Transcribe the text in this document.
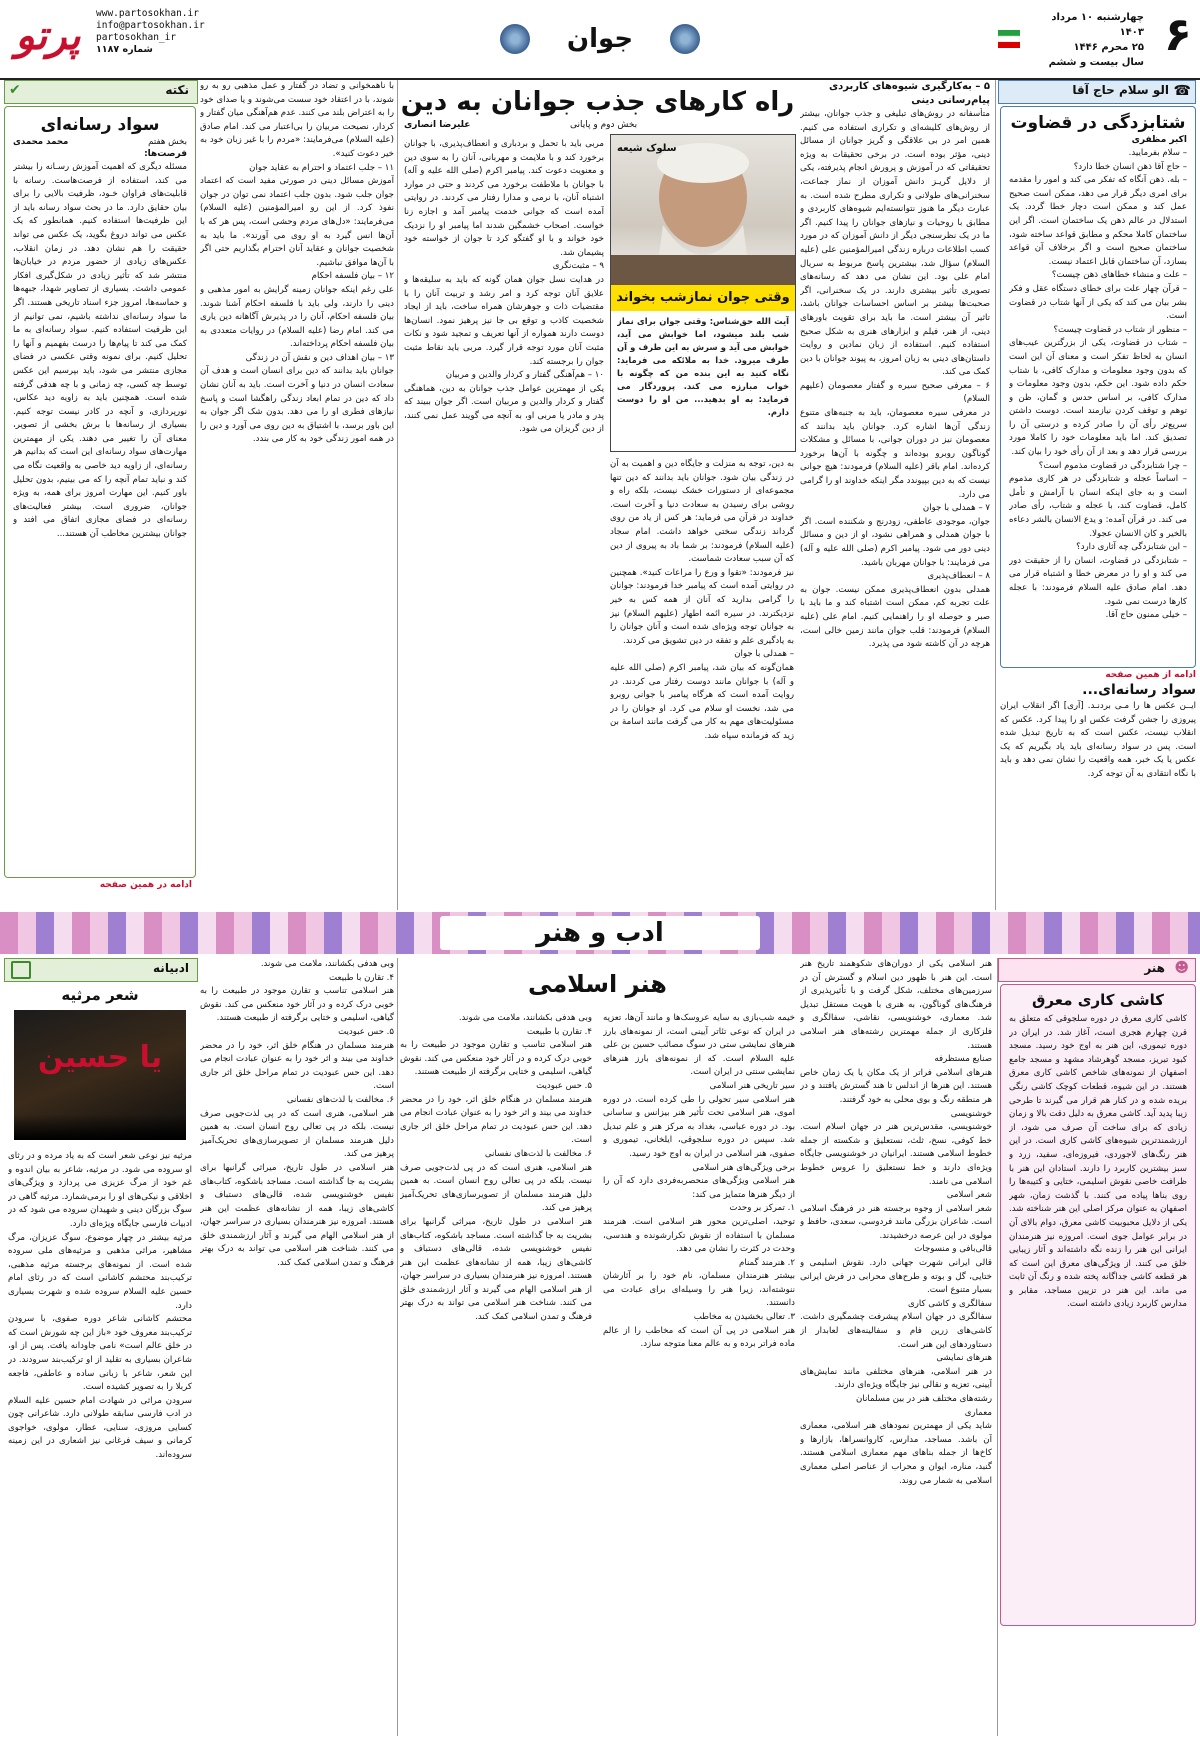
۶
چهارشنبه ۱۰ مرداد ۱۴۰۳
۲۵ محرم ۱۴۴۶
سال بیست و ششم
جوان
www.partosokhan.ir
info@partosokhan.ir
partosokhan_ir
شماره ۱۱۸۷
پرتو
☎
الو سلام حاج آقا
شتابزدگی در قضاوت
اکبر مظفری
– سلام بفرمایید.
– حاج آقا ذهن انسان خطا دارد؟
– بله. ذهن آنگاه که تفکر می کند و امور را مقدمه برای امری دیگر قرار می دهد، ممکن است صحیح عمل کند و ممکن است دچار خطا گردد. یک استدلال در عالم ذهن یک ساختمان است. اگر این ساختمان کاملا محکم و مطابق قواعد ساخته شود، ساختمان صحیح است و اگر برخلاف آن قواعد بسازد، آن ساختمان قابل اعتماد نیست.
– علت و منشاء خطاهای ذهن چیست؟
– قرآن چهار علت برای خطای دستگاه عقل و فکر بشر بیان می کند که یکی از آنها شتاب در قضاوت است.
– منظور از شتاب در قضاوت چیست؟
– شتاب در قضاوت، یکی از بزرگترین عیب‌های انسان به لحاظ تفکر است و معنای آن این است که بدون وجود معلومات و مدارک کافی، با شتاب حکم داده شود. این حکم، بدون وجود معلومات و مدارک کافی، بر اساس حدس و گمان، ظن و توهم و توقف کردن نیازمند است. دوست داشتن سریع‌تر رأی آن را صادر کرده و درستی آن را تصدیق کند. اما باید معلومات خود را کاملا مورد بررسی قرار دهد و بعد از آن رأی خود را بیان کند.
– چرا شتابزدگی در قضاوت مذموم است؟
– اساساً عجله و شتابزدگی در هر کاری مذموم است و به جای اینکه انسان با آرامش و تأمل کامل، قضاوت کند، با عجله و شتاب، رأی صادر می کند. در قرآن آمده: و یدع الانسان بالشر دعاءه بالخیر و کان الانسان عجولا.
– این شتابزدگی چه آثاری دارد؟
– شتابزدگی در قضاوت، انسان را از حقیقت دور می کند و او را در معرض خطا و اشتباه قرار می دهد. امام صادق علیه السلام فرمودند: با عجله کارها درست نمی شود.
– خیلی ممنون حاج آقا.
ادامه از همین صفحه
سواد رسانه‌ای...
ایــن عکس ها را مـی بردنـد. [آری] اگر انقلاب ایران پیروزی را جشن گرفت عکس او را پیدا کرد. عکس که انقلاب نیست، عکس است که به تاریخ تبدیل شده است. پس در سواد رسانه‌ای باید یاد بگیریم که یک عکس یا یک خبر، همه واقعیت را نشان نمی دهد و باید با نگاه انتقادی به آن توجه کرد.
۵ – به‌کارگیری شیوه‌های کاربردی پیام‌رسانی دینی
متأسفانه در روش‌های تبلیغی و جذب جوانان، بیشتر از روش‌های کلیشه‌ای و تکراری استفاده می کنیم. همین امر در بی علاقگی و گریز جوانان از مسائل دینی، مؤثر بوده است. در برخی تحقیقات به ویژه تحقیقاتی که در آموزش و پرورش انجام پذیرفته، یکی از دلایل گریـز دانش آموزان از نماز جماعت، سخنرانی‌های طولانی و تکراری مطرح شده است. به عبارت دیگر ما هنوز نتوانسته‌ایم شیوه‌های کاربردی و مطابق با روحیات و نیازهای جوانان را پیدا کنیم. اگر ما در یک نظرسنجی دیگر از دانش آموزان که در مورد کسب اطلاعات درباره زندگی امیرالمؤمنین علی (علیه السلام) سؤال شد، بیشترین پاسخ مربوط به سریال امام علی بود. این نشان می دهد که رسانه‌های تصویری تأثیر بیشتری دارند. در یک سخنرانی، اگر صحبت‌ها بیشتر بر اساس احساسات جوانان باشد، تاثیر آن بیشتر است. ما باید برای تقویت باورهای دینی، از هنر، فیلم و ابزارهای هنری به شکل صحیح استفاده کنیم. استفاده از زبان نمادین و روایت داستان‌های دینی به زبان امروز، به پیوند جوانان با دین کمک می کند.
۶ – معرفی صحیح سیره و گفتار معصومان (علیهم السلام)
در معرفی سیره معصومان، باید به جنبه‌های متنوع زندگی آن‌ها اشاره کرد. جوانان باید بدانند که معصومان نیز در دوران جوانی، با مسائل و مشکلات گوناگون روبرو بوده‌اند و چگونه با آن‌ها برخورد کرده‌اند. امام باقر (علیه السلام) فرمودند: هیچ جوانی نیست که به دین بپیوندد مگر اینکه خداوند او را گرامی می دارد.
۷ – همدلی با جوان
جوان، موجودی عاطفی، زودرنج و شکننده است. اگر با جوان همدلی و همراهی نشود، او از دین و مسائل دینی دور می شود. پیامبر اکرم (صلی الله علیه و آله) می فرمایند: با جوانان مهربان باشید.
۸ – انعطاف‌پذیری
همدلی بدون انعطاف‌پذیری ممکن نیست. جوان به علت تجربه کم، ممکن است اشتباه کند و ما باید با صبر و حوصله او را راهنمایی کنیم. امام علی (علیه السلام) فرمودند: قلب جوان مانند زمین خالی است، هرچه در آن کاشته شود می پذیرد.
راه کارهای جذب جوانان به دین
بخش دوم و پایانی
علیرضا انصاری
سلوک شیعه
وقتی جوان نمازشب بخواند
آیت الله حق‌شناس: وقتی جوان برای نماز شب بلند میشود، اما خوابش می آید، خوابش می آید و سرش به این طرف و آن طرف میرود. خدا به ملائکه می فرماید: نگاه کنید به این بنده من که چگونه با خواب مبارزه می کند. پروردگار می فرماید: به او بدهید... من او را دوست دارم.
مربی باید با تحمل و بردباری و انعطاف‌پذیری، با جوانان برخورد کند و با ملایمت و مهربانی، آنان را به سوی دین و معنویت دعوت کند. پیامبر اکرم (صلی الله علیه و آله) با جوانان با ملاطفت برخورد می کردند و حتی در موارد اشتباه آنان، با نرمی و مدارا رفتار می کردند. در روایتی آمده است که جوانی خدمت پیامبر آمد و اجازه زنا خواست. اصحاب خشمگین شدند اما پیامبر او را نزدیک خود خواند و با او گفتگو کرد تا جوان از خواسته خود پشیمان شد.
۹ – مثبت‌نگری
در هدایت نسل جوان همان گونه که باید به سلیقه‌ها و علایق آنان توجه کرد و امر رشد و تربیت آنان را با مقتضیات ذات و جوهرشان همراه ساخت، باید از ایجاد شخصیت کاذب و توقع بی جا نیز پرهیز نمود. انسان‌ها دوست دارند همواره از آنها تعریف و تمجید شود و نکات مثبت آنان مورد توجه قرار گیرد. مربی باید نقاط مثبت جوان را برجسته کند.
۱۰ – هم‌آهنگی گفتار و کردار والدین و مربیان
یکی از مهمترین عوامل جذب جوانان به دین، هماهنگی گفتار و کردار والدین و مربیان است. اگر جوان ببیند که پدر و مادر یا مربی او، به آنچه می گویند عمل نمی کنند، از دین گریزان می شود.
به دین، توجه به منزلت و جایگاه دین و اهمیت به آن در زندگی بیان شود. جوانان باید بدانند که دین تنها مجموعه‌ای از دستورات خشک نیست، بلکه راه و روشی برای رسیدن به سعادت دنیا و آخرت است. خداوند در قرآن می فرماید: هر کس از یاد من روی گرداند زندگی سختی خواهد داشت. امام سجاد (علیه السلام) فرمودند: بر شما باد به پیروی از دین که آن سبب سعادت شماست.
نیز فرمودند: «تقوا و ورع را مراعات کنید». همچنین در روایتی آمده است که پیامبر خدا فرمودند: جوانان را گرامی بدارید که آنان از همه کس به خیر نزدیکترند. در سیره ائمه اطهار (علیهم السلام) نیز به جوانان توجه ویژه‌ای شده است و آنان جوانان را به یادگیری علم و تفقه در دین تشویق می کردند.
– همدلی با جوان
همان‌گونه که بیان شد، پیامبر اکرم (صلی الله علیه و آله) با جوانان مانند دوست رفتار می کردند. در روایت آمده است که هرگاه پیامبر با جوانی روبرو می شد، نخست او سلام می کرد. او جوانان را در مسئولیت‌های مهم به کار می گرفت مانند اسامة بن زید که فرمانده سپاه شد.
با ناهمخوانی و تضاد در گفتار و عمل مذهبی رو به رو شوند، با در اعتقاد خود سست می‌شوند و یا صدای خود را به اعتراض بلند می کنند. عدم هم‌آهنگی میان گفتار و کردار، نصیحت مربیان را بی‌اعتبار می کند. امام صادق (علیه السلام) می‌فرمایند: «مردم را با غیر زبان خود به خیر دعوت کنید».
۱۱ – جلب اعتماد و احترام به عقاید جوان
آموزش مسائل دینی در صورتی مفید است که اعتماد جوان جلب شود. بدون جلب اعتماد نمی توان در جوان نفوذ کرد. از این رو امیرالمؤمنین (علیه السلام) می‌فرمایند: «دل‌های مردم وحشی است، پس هر که با آن‌ها انس گیرد به او روی می آورند». ما باید به شخصیت جوانان و عقاید آنان احترام بگذاریم حتی اگر با آن‌ها موافق نباشیم.
۱۲ – بیان فلسفه احکام
علی رغم اینکه جوانان زمینه گرایش به امور مذهبی و دینی را دارند، ولی باید با فلسفه احکام آشنا شوند. بیان فلسفه احکام، آنان را در پذیرش آگاهانه دین یاری می کند. امام رضا (علیه السلام) در روایات متعددی به بیان فلسفه احکام پرداخته‌اند.
۱۳ – بیان اهداف دین و نقش آن در زندگی
جوانان باید بدانند که دین برای انسان است و هدف آن سعادت انسان در دنیا و آخرت است. باید به آنان نشان داد که دین در تمام ابعاد زندگی راهگشا است و پاسخ نیازهای فطری او را می دهد. بدون شک اگر جوان به این باور برسد، با اشتیاق به دین روی می آورد و دین را در همه امور زندگی خود به کار می بندد.
نکته
✔
سواد رسانه‌ای
بخش هفتم
محمد محمدی
فرصت‌ها:
مسئله دیگری که اهمیت آموزش رسـانه را بیشتر می کند، استفاده از فرصت‌هاست. رسانه با قابلیت‌های فراوان خـود، ظرفیت بالایی را برای بیان حقایق دارد. ما در بحث سواد رسانه باید از این ظرفیت‌ها استفاده کنیم. همانطور که یک عکس می تواند دروغ بگوید، یک عکس می تواند حقیقت را هم نشان دهد. در زمان انقلاب، عکس‌های زیادی از حضور مردم در خیابان‌ها منتشر شد که تأثیر زیادی در شکل‌گیری افکار عمومی داشت. بسیاری از تصاویر شهدا، جبهه‌ها و حماسه‌ها، امروز جزء اسناد تاریخی هستند. اگر ما سواد رسانه‌ای نداشته باشیم، نمی توانیم از این ظرفیت استفاده کنیم. سواد رسانه‌ای به ما کمک می کند تا پیام‌ها را درست بفهمیم و آنها را تحلیل کنیم. برای نمونه وقتی عکسی در فضای مجازی منتشر می شود، باید بپرسیم این عکس توسط چه کسی، چه زمانی و با چه هدفی گرفته شده است. همچنین باید به زاویه دید عکاس، نورپردازی، و آنچه در کادر نیست توجه کنیم. بسیاری از رسانه‌ها با برش بخشی از تصویر، معنای آن را تغییر می دهند. یکی از مهمترین مهارت‌های سواد رسانه‌ای این است که بدانیم هر رسانه‌ای، از زاویه دید خاصی به واقعیت نگاه می کند و نباید تمام آنچه را که می بینیم، بدون تحلیل باور کنیم. این مهارت امروز برای همه، به ویژه جوانان، ضروری است. بیشتر فعالیت‌های رسانه‌ای در فضای مجازی اتفاق می افتد و جوانان بیشترین مخاطب آن هستند...
ادامه در همین صفحه
ادب و هنر
هنر ☻
کاشی کاری معرق
کاشی کاری معرق در دوره سلجوقی که متعلق به قرن چهارم هجری است، آغاز شد. در ایران در دوره تیموری، این هنر به اوج خود رسید. مسجد کبود تبریز، مسجد گوهرشاد مشهد و مسجد جامع اصفهان از نمونه‌های شاخص کاشی کاری معرق هستند. در این شیوه، قطعات کوچک کاشی رنگی بریده شده و در کنار هم قرار می گیرند تا طرحی زیبا پدید آید. کاشی معرق به دلیل دقت بالا و زمان زیادی که برای ساخت آن صرف می شود، از ارزشمندترین شیوه‌های کاشی کاری است. در این هنر رنگ‌های لاجوردی، فیروزه‌ای، سفید، زرد و سبز بیشترین کاربرد را دارند. استادان این هنر با ظرافت خاصی نقوش اسلیمی، ختایی و کتیبه‌ها را روی بناها پیاده می کنند. با گذشت زمان، شهر اصفهان به عنوان مرکز اصلی این هنر شناخته شد. یکی از دلایل محبوبیت کاشی معرق، دوام بالای آن در برابر عوامل جوی است. امروزه نیز هنرمندان ایرانی این هنر را زنده نگه داشته‌اند و آثار زیبایی خلق می کنند. از ویژگی‌های معرق این است که هر قطعه کاشی جداگانه پخته شده و رنگ آن ثابت می ماند. این هنر در تزیین مساجد، مقابر و مدارس کاربرد زیادی داشته است.
هنر اسلامی یکی از دوران‌های شکوهمند تاریخ هنر است. این هنر با ظهور دین اسلام و گسترش آن در سرزمین‌های مختلف، شکل گرفت و با تأثیرپذیری از فرهنگ‌های گوناگون، به هنری با هویت مستقل تبدیل شد. معماری، خوشنویسی، نقاشی، سفالگری و فلزکاری از جمله مهمترین رشته‌های هنر اسلامی هستند.
صنایع مستظرفه
هنرهای اسلامی فراتر از یک مکان یا یک زمان خاص هستند. این هنرها از اندلس تا هند گسترش یافتند و در هر منطقه رنگ و بوی محلی به خود گرفتند.
خوشنویسی
خوشنویسی، مقدس‌ترین هنر در جهان اسلام است. خط کوفی، نسخ، ثلث، نستعلیق و شکسته از جمله خطوط اسلامی هستند. ایرانیان در خوشنویسی جایگاه ویژه‌ای دارند و خط نستعلیق را عروس خطوط اسلامی می نامند.
شعر اسلامی
شعر اسلامی از وجوه برجسته هنر در فرهنگ اسلامی است. شاعران بزرگی مانند فردوسی، سعدی، حافظ و مولوی در این عرصه درخشیدند.
قالی‌بافی و منسوجات
قالی ایرانی شهرت جهانی دارد. نقوش اسلیمی و ختایی، گل و بوته و طرح‌های محرابی در فرش ایرانی بسیار متنوع است.
سفالگری و کاشی کاری
سفالگری در جهان اسلام پیشرفت چشمگیری داشت. کاشی‌های زرین فام و سفالینه‌های لعابدار از دستاوردهای این هنر است.
هنرهای نمایشی
در هنر اسلامی، هنرهای مختلفی مانند نمایش‌های آیینی، تعزیه و نقالی نیز جایگاه ویژه‌ای دارند.
رشته‌های مختلف هنر در بین مسلمانان
معماری
شاید یکی از مهمترین نمودهای هنر اسلامی، معماری آن باشد. مساجد، مدارس، کاروانسراها، بازارها و کاخ‌ها از جمله بناهای مهم معماری اسلامی هستند. گنبد، مناره، ایوان و محراب از عناصر اصلی معماری اسلامی به شمار می روند.
هنر اسلامی
خیمه شب‌بازی به سایه عروسک‌ها و مانند آن‌ها، تعزیه در ایران که نوعی تئاتر آیینی است، از نمونه‌های بارز هنرهای نمایشی ستی در سوگ مصائب حسین بن علی علیه السلام است. که از نمونه‌های بارز هنرهای نمایشی سنتی در ایران است.
سیر تاریخی هنر اسلامی
هنر اسلامی سیر تحولی را طی کرده است. در دوره اموی، هنر اسلامی تحت تأثیر هنر بیزانس و ساسانی بود. در دوره عباسی، بغداد به مرکز هنر و علم تبدیل شد. سپس در دوره سلجوقی، ایلخانی، تیموری و صفوی، هنر اسلامی در ایران به اوج خود رسید.
برخی ویژگی‌های هنر اسلامی
هنر اسلامی ویژگی‌های منحصربه‌فردی دارد که آن را از دیگر هنرها متمایز می کند:
۱. تمرکز بر وحدت
توحید، اصلی‌ترین محور هنر اسلامی است. هنرمند مسلمان با استفاده از نقوش تکرارشونده و هندسی، وحدت در کثرت را نشان می دهد.
۲. هنرمند گمنام
بیشتر هنرمندان مسلمان، نام خود را بر آثارشان ننوشته‌اند، زیرا هنر را وسیله‌ای برای عبادت می دانستند.
۳. تعالی بخشیدن به مخاطب
هنر اسلامی در پی آن است که مخاطب را از عالم ماده فراتر برده و به عالم معنا متوجه سازد.
وبی هدفی بکشانند، ملامت می شوند.
۴. تقارن با طبیعت
هنر اسلامی تناسب و تقارن موجود در طبیعت را به خوبی درک کرده و در آثار خود منعکس می کند. نقوش گیاهی، اسلیمی و ختایی برگرفته از طبیعت هستند.
۵. حس عبودیت
هنرمند مسلمان در هنگام خلق اثر، خود را در محضر خداوند می بیند و اثر خود را به عنوان عبادت انجام می دهد. این حس عبودیت در تمام مراحل خلق اثر جاری است.
۶. مخالفت با لذت‌های نفسانی
هنر اسلامی، هنری است که در پی لذت‌جویی صرف نیست. بلکه در پی تعالی روح انسان است. به همین دلیل هنرمند مسلمان از تصویرسازی‌های تحریک‌آمیز پرهیز می کند.
هنر اسلامی در طول تاریخ، میراثی گرانبها برای بشریت به جا گذاشته است. مساجد باشکوه، کتاب‌های نفیس خوشنویسی شده، قالی‌های دستباف و کاشی‌های زیبا، همه از نشانه‌های عظمت این هنر هستند. امروزه نیز هنرمندان بسیاری در سراسر جهان، از هنر اسلامی الهام می گیرند و آثار ارزشمندی خلق می کنند. شناخت هنر اسلامی می تواند به درک بهتر فرهنگ و تمدن اسلامی کمک کند.
وبی هدفی بکشانند، ملامت می شوند.
۴. تقارن با طبیعت
هنر اسلامی تناسب و تقارن موجود در طبیعت را به خوبی درک کرده و در آثار خود منعکس می کند. نقوش گیاهی، اسلیمی و ختایی برگرفته از طبیعت هستند.
۵. حس عبودیت
هنرمند مسلمان در هنگام خلق اثر، خود را در محضر خداوند می بیند و اثر خود را به عنوان عبادت انجام می دهد. این حس عبودیت در تمام مراحل خلق اثر جاری است.
۶. مخالفت با لذت‌های نفسانی
هنر اسلامی، هنری است که در پی لذت‌جویی صرف نیست. بلکه در پی تعالی روح انسان است. به همین دلیل هنرمند مسلمان از تصویرسازی‌های تحریک‌آمیز پرهیز می کند.
هنر اسلامی در طول تاریخ، میراثی گرانبها برای بشریت به جا گذاشته است. مساجد باشکوه، کتاب‌های نفیس خوشنویسی شده، قالی‌های دستباف و کاشی‌های زیبا، همه از نشانه‌های عظمت این هنر هستند. امروزه نیز هنرمندان بسیاری در سراسر جهان، از هنر اسلامی الهام می گیرند و آثار ارزشمندی خلق می کنند. شناخت هنر اسلامی می تواند به درک بهتر فرهنگ و تمدن اسلامی کمک کند.
ادبیانه
شعر مرثیه
یا حسین
مرثیه نیز نوعی شعر است که به یاد مرده و در رثای او سروده می شود. در مرثیه، شاعر به بیان اندوه و غم خود از مرگ عزیزی می پردازد و ویژگی‌های اخلاقی و نیکی‌های او را برمی‌شمارد. مرثیه گاهی در سوگ بزرگان دینی و شهیدان سروده می شود که در ادبیات فارسی جایگاه ویژه‌ای دارد.
مرثیه بیشتر در چهار موضوع، سوگ عزیزان، مرگ مشاهیر، مراثی مذهبی و مرثیه‌های ملی سروده شده است. از نمونه‌های برجسته مرثیه مذهبی، ترکیب‌بند محتشم کاشانی است که در رثای امام حسین علیه السلام سروده شده و شهرت بسیاری دارد.
محتشم کاشانی شاعر دوره صفوی، با سرودن ترکیب‌بند معروف خود «باز این چه شورش است که در خلق عالم است» نامی جاودانه یافت. پس از او، شاعران بسیاری به تقلید از او ترکیب‌بند سرودند. در این شعر، شاعر با زبانی ساده و عاطفی، فاجعه کربلا را به تصویر کشیده است.
سرودن مراثی در شهادت امام حسین علیه السلام در ادب فارسی سابقه طولانی دارد. شاعرانی چون کسایی مروزی، سنایی، عطار، مولوی، خواجوی کرمانی و سیف فرغانی نیز اشعاری در این زمینه سروده‌اند.
